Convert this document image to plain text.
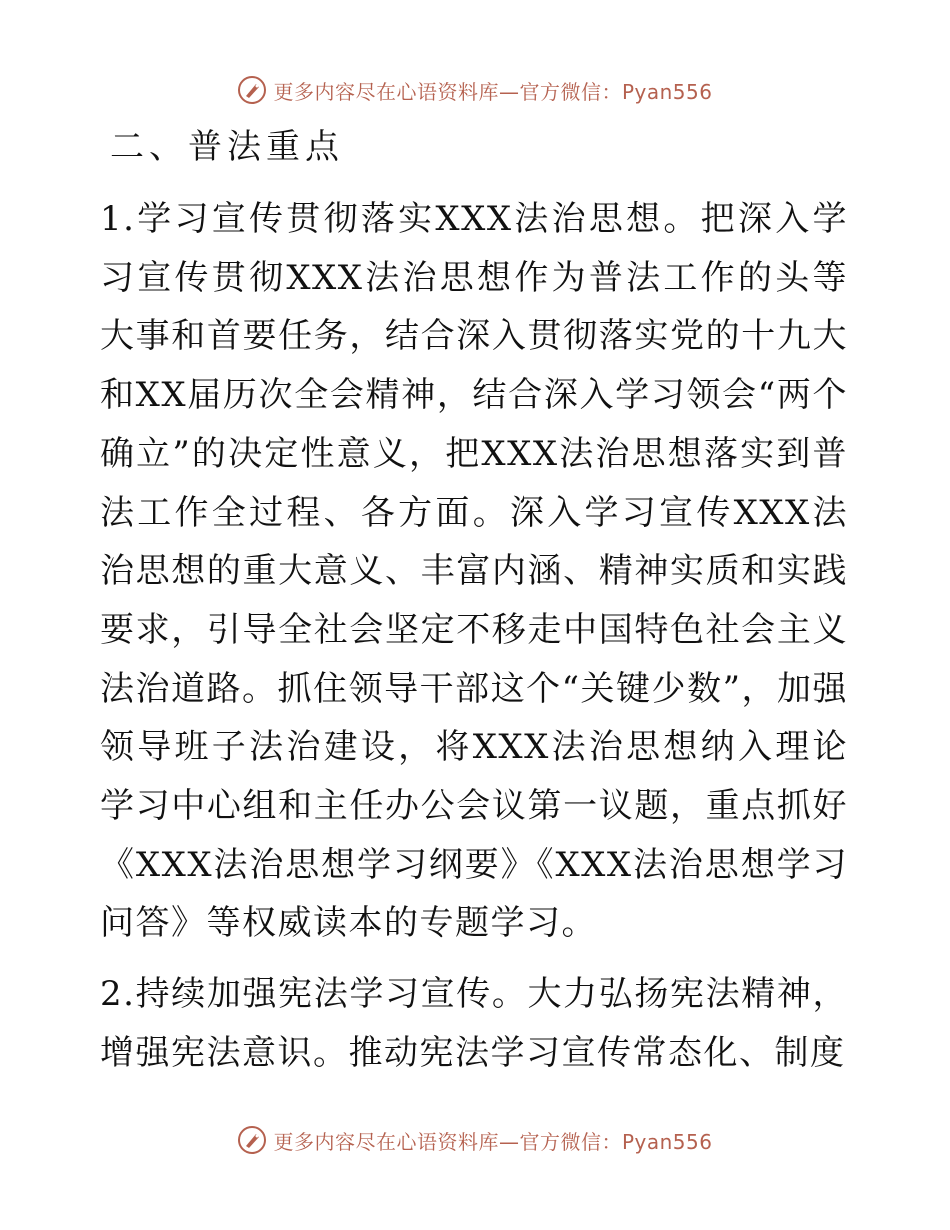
更多内容尽在心语资料库—官方微信：Pyan556
二、普法重点

1.学习宣传贯彻落实XXX法治思想。把深入学习宣传贯彻XXX法治思想作为普法工作的头等大事和首要任务，结合深入贯彻落实党的十九大和XX届历次全会精神，结合深入学习领会“两个确立”的决定性意义，把XXX法治思想落实到普法工作全过程、各方面。深入学习宣传XXX法治思想的重大意义、丰富内涵、精神实质和实践要求，引导全社会坚定不移走中国特色社会主义法治道路。抓住领导干部这个“关键少数”，加强领导班子法治建设，将XXX法治思想纳入理论学习中心组和主任办公会议第一议题，重点抓好《XXX法治思想学习纲要》《XXX法治思想学习问答》等权威读本的专题学习。

2.持续加强宪法学习宣传。大力弘扬宪法精神，增强宪法意识。推动宪法学习宣传常态化、制度

更多内容尽在心语资料库—官方微信：Pyan556
